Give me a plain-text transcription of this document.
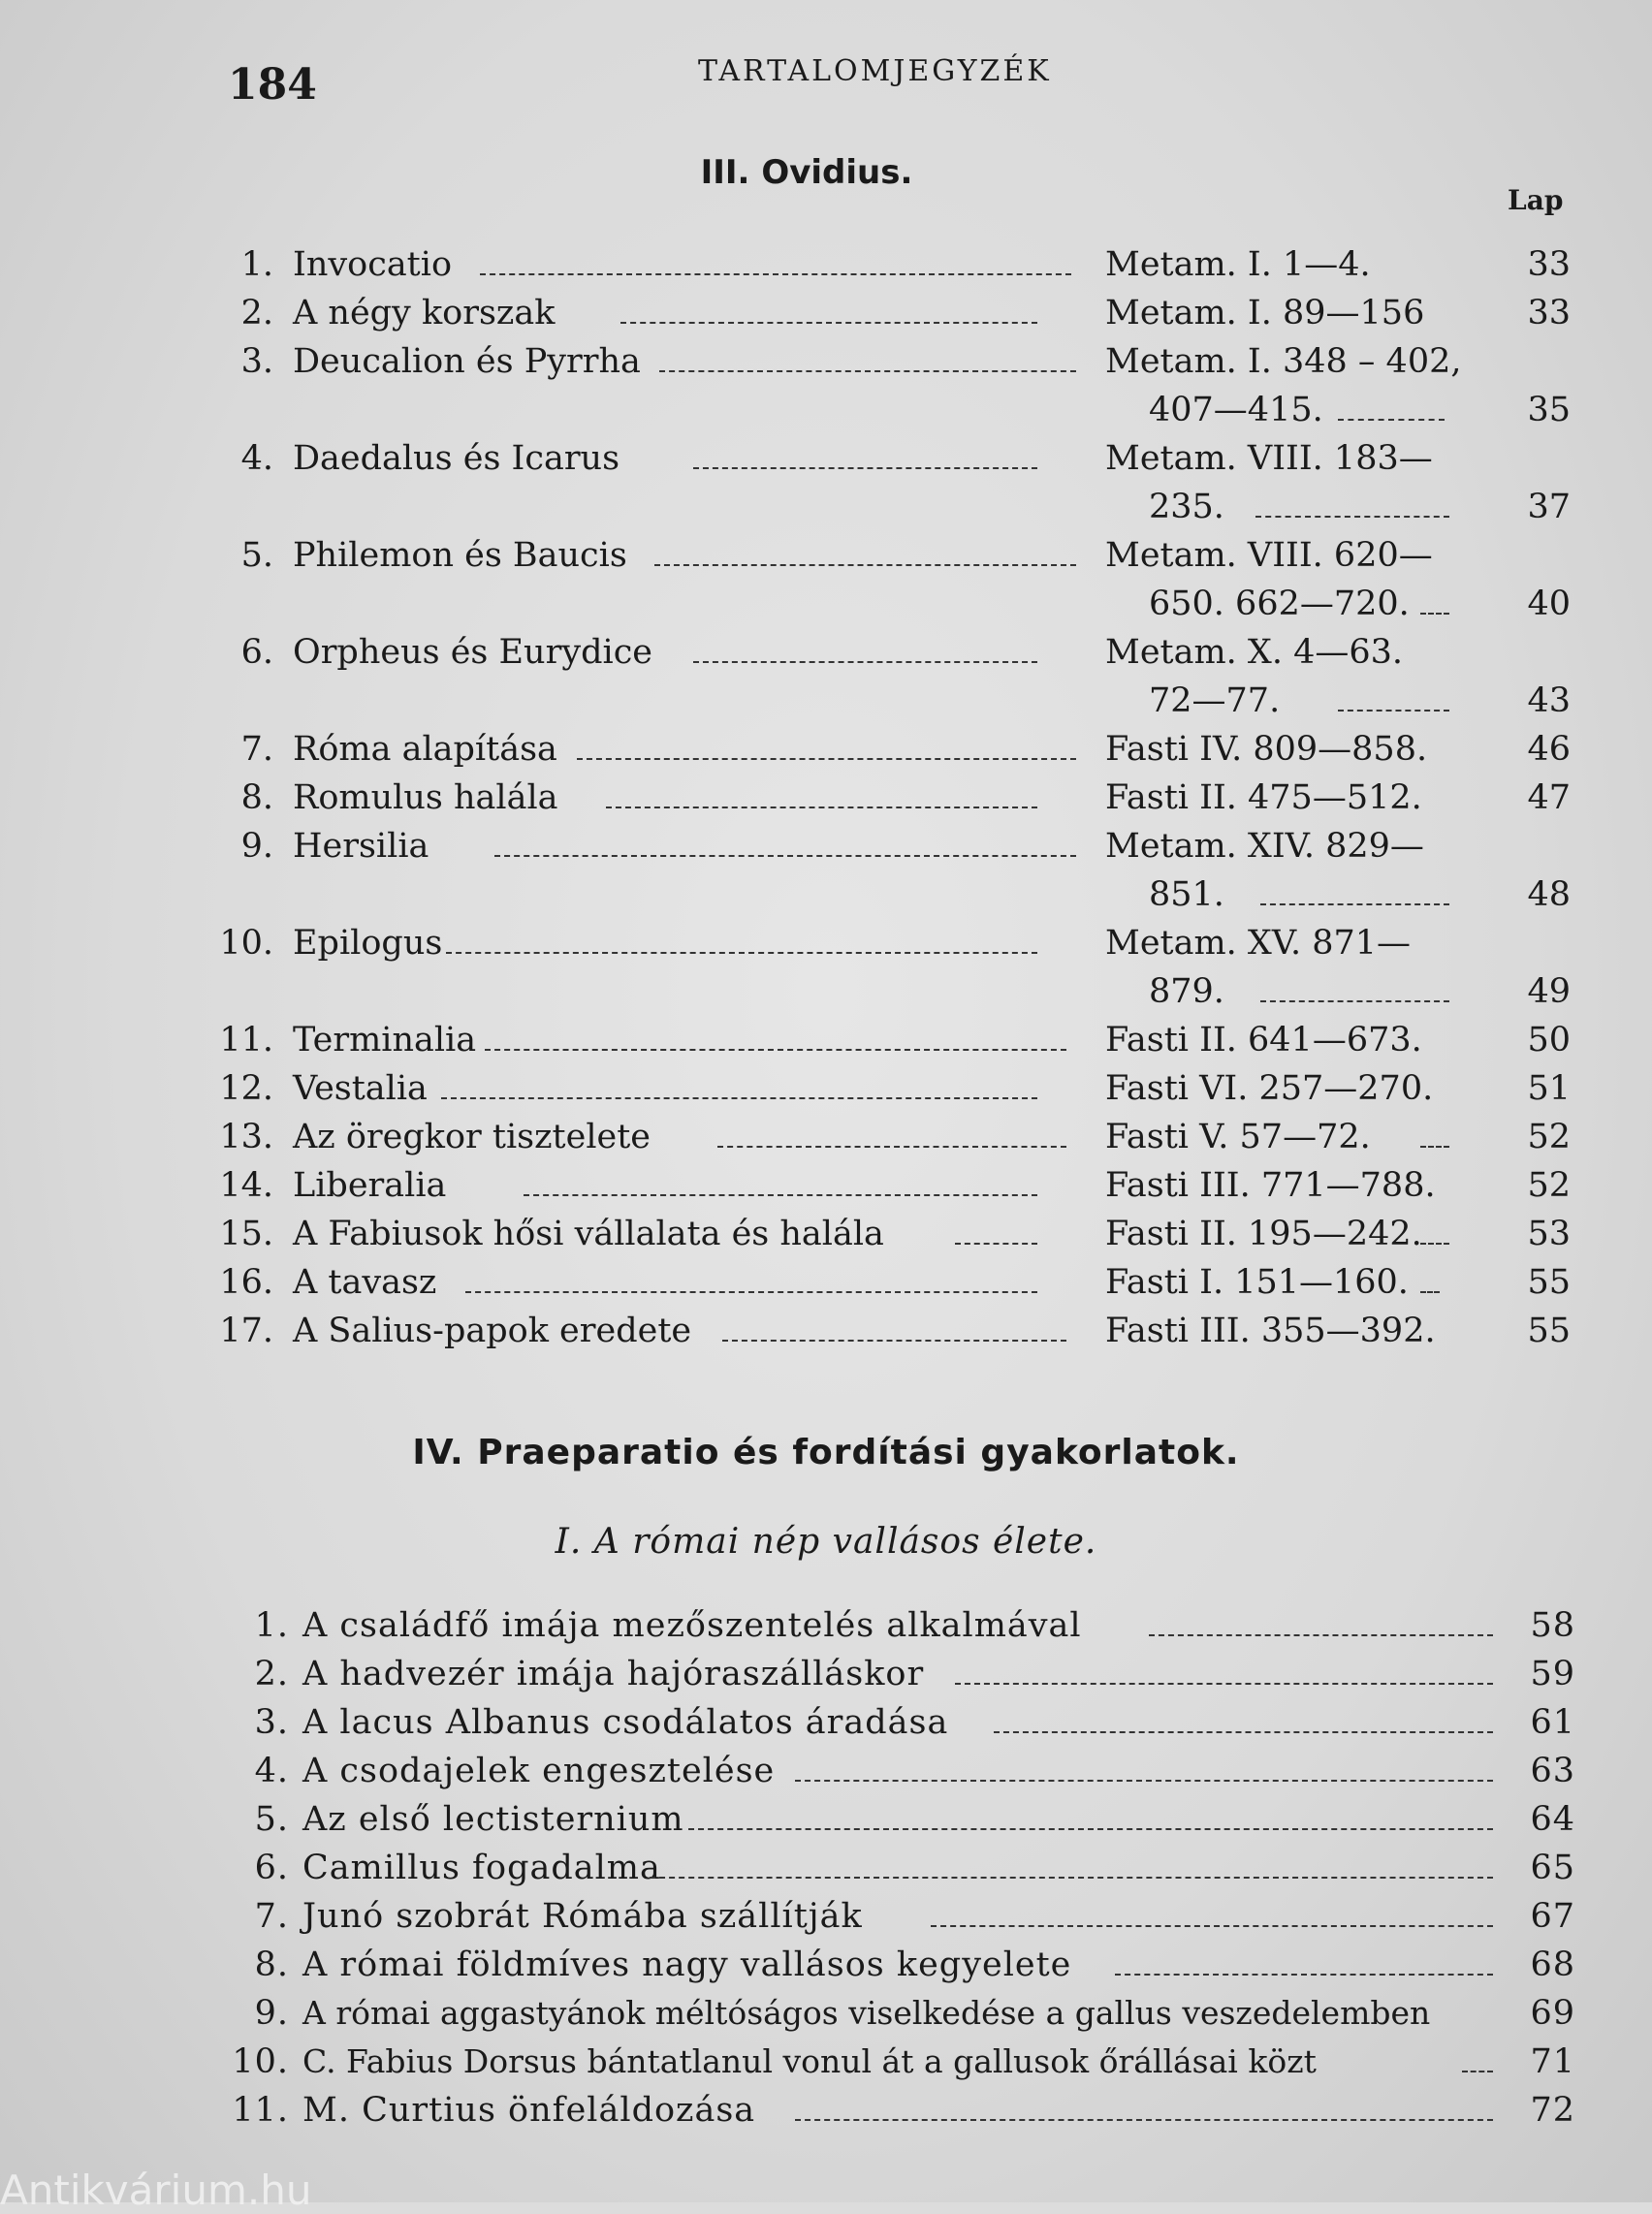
184	TARTALOMJEGYZÉK
III. Ovidius.
Lap
1. Invocatio	Metam. I. 1—4.	33
2. A négy korszak	Metam. I. 89—156	33
3. Deucalion és Pyrrha	Metam. I. 348 – 402,
407—415.	35
4. Daedalus és Icarus	Metam. VIII. 183—
235.	37
5. Philemon és Baucis	Metam. VIII. 620—
650. 662—720.	40
6. Orpheus és Eurydice	Metam. X. 4—63.
72—77.	43
7. Róma alapítása	Fasti IV. 809—858.	46
8. Romulus halála	Fasti II. 475—512.	47
9. Hersilia	Metam. XIV. 829—
851.	48
10. Epilogus	Metam. XV. 871—
879.	49
11. Terminalia	Fasti II. 641—673.	50
12. Vestalia	Fasti VI. 257—270.	51
13. Az öregkor tisztelete	Fasti V. 57—72.	52
14. Liberalia	Fasti III. 771—788.	52
15. A Fabiusok hősi vállalata és halála	Fasti II. 195—242.	53
16. A tavasz	Fasti I. 151—160.	55
17. A Salius-papok eredete	Fasti III. 355—392.	55
IV. Praeparatio és fordítási gyakorlatok.
I. A római nép vallásos élete.
1. A családfő imája mezőszentelés alkalmával	58
2. A hadvezér imája hajóraszálláskor	59
3. A lacus Albanus csodálatos áradása	61
4. A csodajelek engesztelése	63
5. Az első lectisternium	64
6. Camillus fogadalma	65
7. Junó szobrát Rómába szállítják	67
8. A római földmíves nagy vallásos kegyelete	68
9. A római aggastyánok méltóságos viselkedése a gallus veszedelemben	69
10. C. Fabius Dorsus bántatlanul vonul át a gallusok őrállásai közt	71
11. M. Curtius önfeláldozása	72
Antikvárium.hu
